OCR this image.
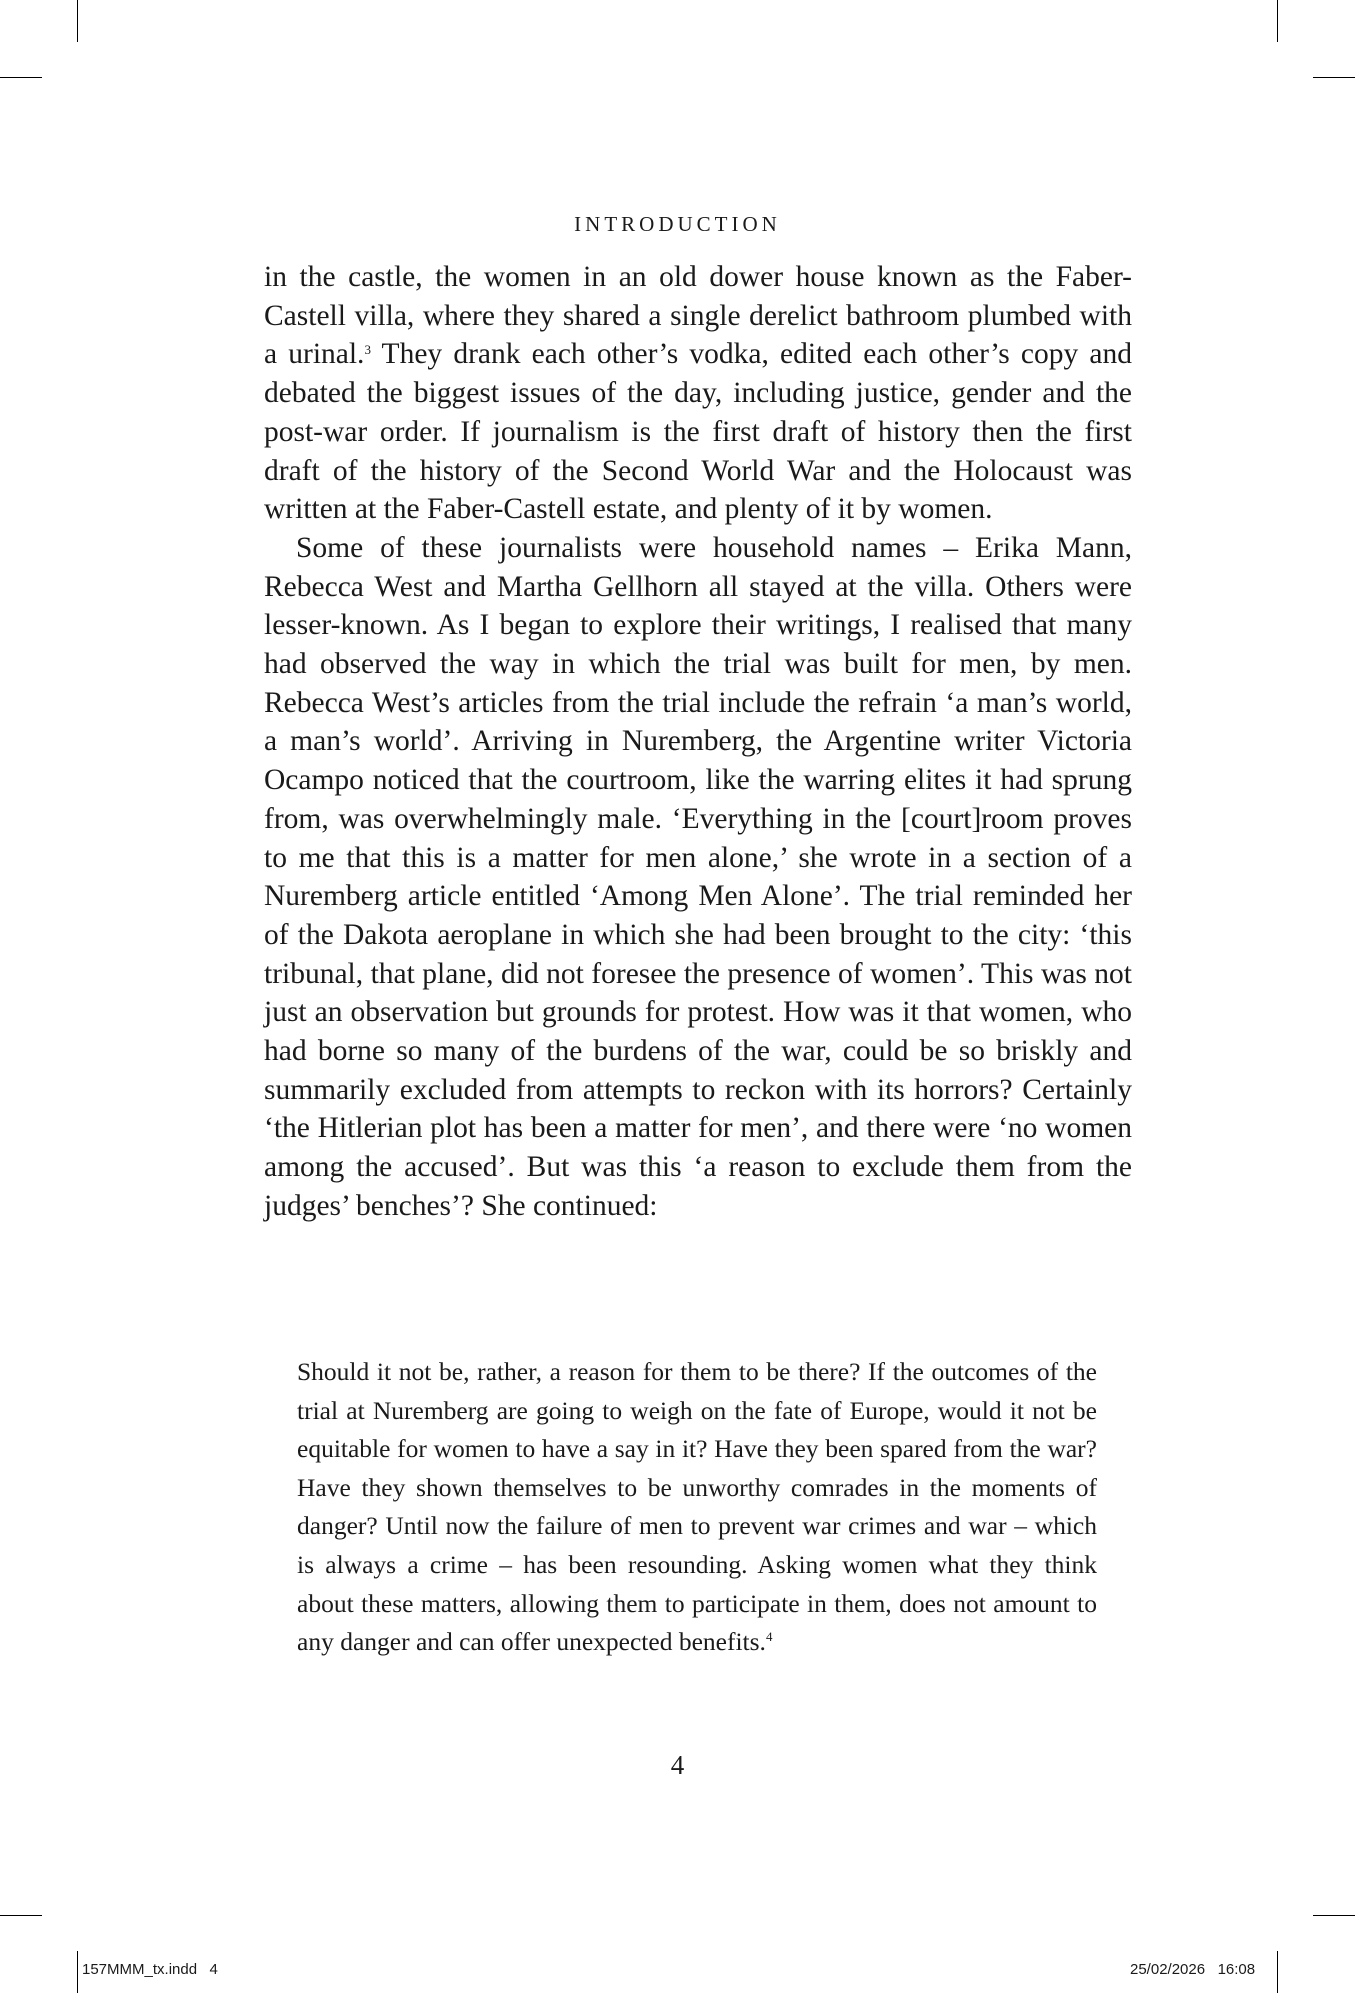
INTRODUCTION

in the castle, the women in an old dower house known as the Faber-Castell villa, where they shared a single derelict bathroom plumbed with a urinal.$^3$ They drank each other’s vodka, edited each other’s copy and debated the biggest issues of the day, including justice, gender and the post-war order. If journalism is the first draft of history then the first draft of the history of the Second World War and the Holocaust was written at the Faber-Castell estate, and plenty of it by women.

Some of these journalists were household names – Erika Mann, Rebecca West and Martha Gellhorn all stayed at the villa. Others were lesser-known. As I began to explore their writings, I realised that many had observed the way in which the trial was built for men, by men. Rebecca West’s articles from the trial include the refrain ‘a man’s world, a man’s world’. Arriving in Nuremberg, the Argentine writer Victoria Ocampo noticed that the courtroom, like the warring elites it had sprung from, was overwhelmingly male. ‘Everything in the [court]room proves to me that this is a matter for men alone,’ she wrote in a section of a Nuremberg article entitled ‘Among Men Alone’. The trial reminded her of the Dakota aeroplane in which she had been brought to the city: ‘this tribunal, that plane, did not foresee the presence of women’. This was not just an observation but grounds for protest. How was it that women, who had borne so many of the burdens of the war, could be so briskly and summarily excluded from attempts to reckon with its horrors? Certainly ‘the Hitlerian plot has been a matter for men’, and there were ‘no women among the accused’. But was this ‘a reason to exclude them from the judges’ benches’? She continued:

Should it not be, rather, a reason for them to be there? If the outcomes of the trial at Nuremberg are going to weigh on the fate of Europe, would it not be equitable for women to have a say in it? Have they been spared from the war? Have they shown themselves to be unworthy comrades in the moments of danger? Until now the failure of men to prevent war crimes and war – which is always a crime – has been resounding. Asking women what they think about these matters, allowing them to participate in them, does not amount to any danger and can offer unexpected benefits.$^4$

4
157MMM_tx.indd   4	25/02/2026   16:08
